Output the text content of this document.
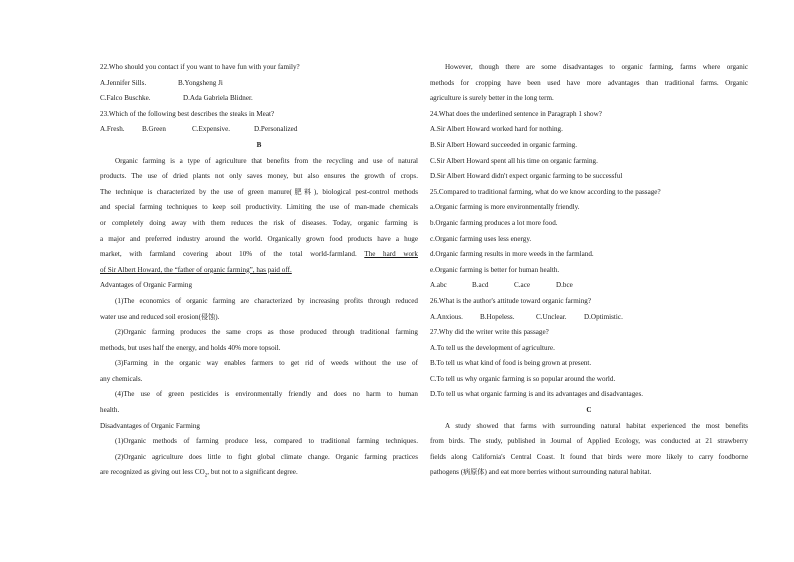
22.Who should you contact if you want to have fun with your family?
A.Jennifer Sills.	B.Yongsheng Ji
C.Falco Buschke.	D.Ada Gabriela Blidner.
23.Which of the following best describes the steaks in Meat?
A.Fresh.	B.Green	C.Expensive.	D.Personalized
B
Organic farming is a type of agriculture that benefits from the recycling and use of natural
products. The use of dried plants not only saves money, but also ensures the growth of crops.
The technique is characterized by the use of green manure(肥料), biological pest-control methods
and special farming techniques to keep soil productivity. Limiting the use of man-made chemicals
or completely doing away with them reduces the risk of diseases. Today, organic farming is
a major and preferred industry around the world. Organically grown food products have a huge
market, with farmland covering about 10% of the total world-farmland. The hard work
of Sir Albert Howard, the “father of organic farming”, has paid off.
Advantages of Organic Farming
(1)The economics of organic farming are characterized by increasing profits through reduced
water use and reduced soil erosion(侵蚀).
(2)Organic farming produces the same crops as those produced through traditional farming
methods, but uses half the energy, and holds 40% more topsoil.
(3)Farming in the organic way enables farmers to get rid of weeds without the use of
any chemicals.
(4)The use of green pesticides is environmentally friendly and does no harm to human
health.
Disadvantages of Organic Farming
(1)Organic methods of farming produce less, compared to traditional farming techniques.
(2)Organic agriculture does little to fight global climate change. Organic farming practices
are recognized as giving out less $CO_2$, but not to a significant degree.
However, though there are some disadvantages to organic farming, farms where organic
methods for cropping have been used have more advantages than traditional farms. Organic
agriculture is surely better in the long term.
24.What does the underlined sentence in Paragraph 1 show?
A.Sir Albert Howard worked hard for nothing.
B.Sir Albert Howard succeeded in organic farming.
C.Sir Albert Howard spent all his time on organic farming.
D.Sir Albert Howard didn't expect organic farming to be successful
25.Compared to traditional farming, what do we know according to the passage?
a.Organic farming is more environmentally friendly.
b.Organic farming produces a lot more food.
c.Organic farming uses less energy.
d.Organic farming results in more weeds in the farmland.
e.Organic farming is better for human health.
A.abc	B.acd	C.ace	D.bce
26.What is the author's attitude toward organic farming?
A.Anxious.	B.Hopeless.	C.Unclear.	D.Optimistic.
27.Why did the writer write this passage?
A.To tell us the development of agriculture.
B.To tell us what kind of food is being grown at present.
C.To tell us why organic farming is so popular around the world.
D.To tell us what organic farming is and its advantages and disadvantages.
C
A study showed that farms with surrounding natural habitat experienced the most benefits
from birds. The study, published in Journal of Applied Ecology, was conducted at 21 strawberry
fields along California's Central Coast. It found that birds were more likely to carry foodborne
pathogens (病原体) and eat more berries without surrounding natural habitat.
